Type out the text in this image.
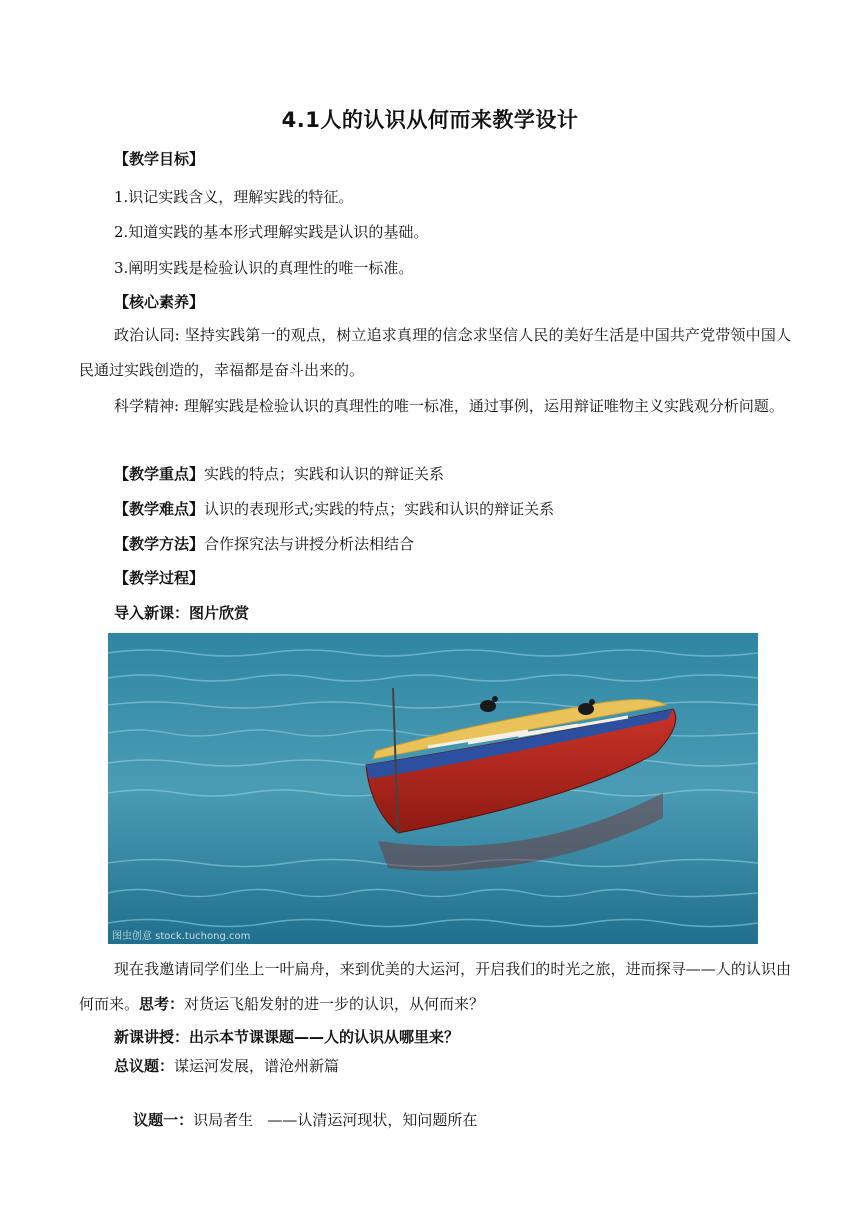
4.1人的认识从何而来教学设计
【教学目标】
1.识记实践含义，理解实践的特征。
2.知道实践的基本形式理解实践是认识的基础。
3.阐明实践是检验认识的真理性的唯一标准。
【核心素养】
政治认同: 坚持实践第一的观点，树立追求真理的信念求坚信人民的美好生活是中国共产党带领中国人民通过实践创造的，幸福都是奋斗出来的。
科学精神: 理解实践是检验认识的真理性的唯一标准，通过事例，运用辩证唯物主义实践观分析问题。
【教学重点】实践的特点；实践和认识的辩证关系
【教学难点】认识的表现形式;实践的特点；实践和认识的辩证关系
【教学方法】合作探究法与讲授分析法相结合
【教学过程】
导入新课：图片欣赏
图虫创意 stock.tuchong.com
现在我邀请同学们坐上一叶扁舟，来到优美的大运河，开启我们的时光之旅，进而探寻——人的认识由何而来。思考：对货运飞船发射的进一步的认识，从何而来？
新课讲授：出示本节课课题——人的认识从哪里来？
总议题：谋运河发展，谱沧州新篇

议题一：识局者生   ——认清运河现状，知问题所在
